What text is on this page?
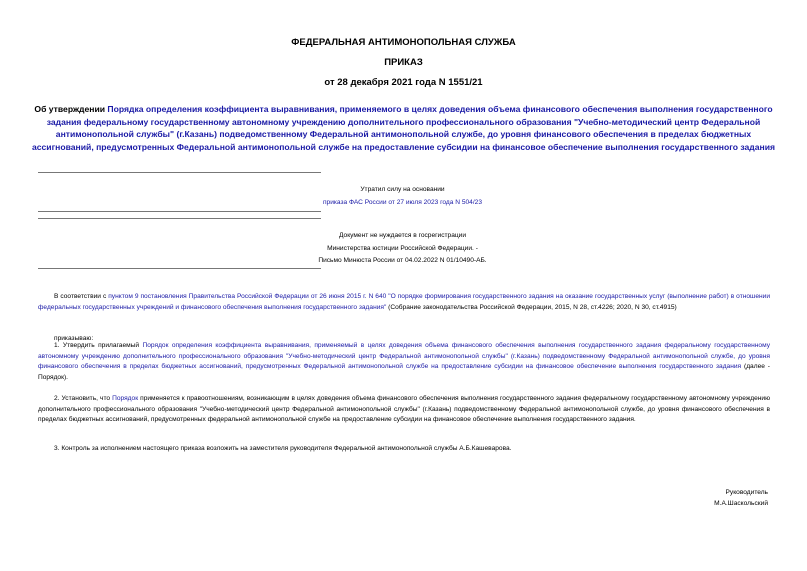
ФЕДЕРАЛЬНАЯ АНТИМОНОПОЛЬНАЯ СЛУЖБА
ПРИКАЗ
от 28 декабря 2021 года N 1551/21
Об утверждении Порядка определения коэффициента выравнивания, применяемого в целях доведения объема финансового обеспечения выполнения государственного задания федеральному государственному автономному учреждению дополнительного профессионального образования "Учебно-методический центр Федеральной антимонопольной службы" (г.Казань) подведомственному Федеральной антимонопольной службе, до уровня финансового обеспечения в пределах бюджетных ассигнований, предусмотренных Федеральной антимонопольной службе на предоставление субсидии на финансовое обеспечение выполнения государственного задания
Утратил силу на основании
приказа ФАС России от 27 июля 2023 года N 504/23
Документ не нуждается в госрегистрации
Министерства юстиции Российской Федерации. -
Письмо Минюста России от 04.02.2022 N 01/10490-АБ.
В соответствии с пунктом 9 постановления Правительства Российской Федерации от 26 июня 2015 г. N 640 "О порядке формирования государственного задания на оказание государственных услуг (выполнение работ) в отношении федеральных государственных учреждений и финансового обеспечения выполнения государственного задания" (Собрание законодательства Российской Федерации, 2015, N 28, ст.4226; 2020, N 30, ст.4915)
приказываю:
1. Утвердить прилагаемый Порядок определения коэффициента выравнивания, применяемый в целях доведения объема финансового обеспечения выполнения государственного задания федеральному государственному автономному учреждению дополнительного профессионального образования "Учебно-методический центр Федеральной антимонопольной службы" (г.Казань) подведомственному Федеральной антимонопольной службе, до уровня финансового обеспечения в пределах бюджетных ассигнований, предусмотренных Федеральной антимонопольной службе на предоставление субсидии на финансовое обеспечение выполнения государственного задания (далее - Порядок).
2. Установить, что Порядок применяется к правоотношениям, возникающим в целях доведения объема финансового обеспечения выполнения государственного задания федеральному государственному автономному учреждению дополнительного профессионального образования "Учебно-методический центр Федеральной антимонопольной службы" (г.Казань) подведомственному Федеральной антимонопольной службе, до уровня финансового обеспечения в пределах бюджетных ассигнований, предусмотренных федеральной антимонопольной службе на предоставление субсидии на финансовое обеспечение выполнения государственного задания.
3. Контроль за исполнением настоящего приказа возложить на заместителя руководителя Федеральной антимонопольной службы А.Б.Кашеварова.
Руководитель
М.А.Шаскольский
